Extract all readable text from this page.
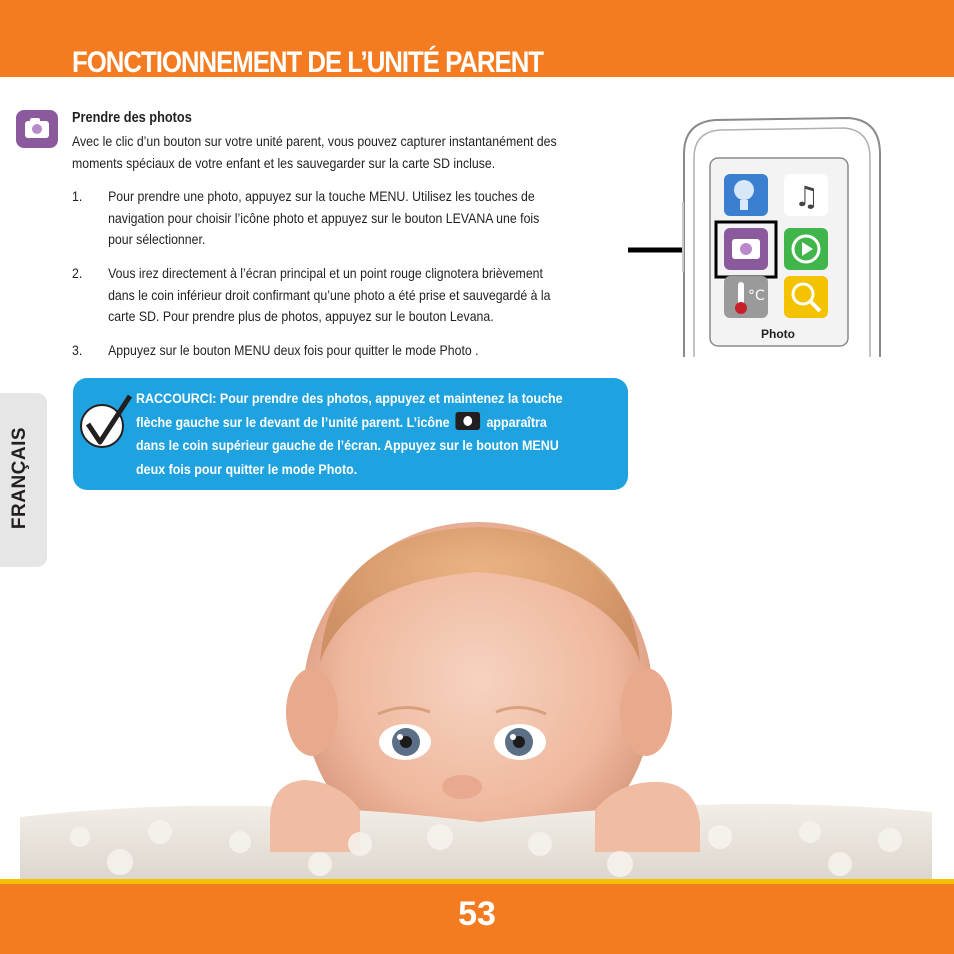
FONCTIONNEMENT DE L’UNITÉ PARENT
FRANÇAIS
Prendre des photos
Avec le clic d’un bouton sur votre unité parent, vous pouvez capturer instantanément des
moments spéciaux de votre enfant et les sauvegarder sur la carte SD incluse.
1. Pour prendre une photo, appuyez sur la touche MENU. Utilisez les touches de
navigation pour choisir l’icône photo et appuyez sur le bouton LEVANA une fois
pour sélectionner.
2. Vous irez directement à l’écran principal et un point rouge clignotera brièvement
dans le coin inférieur droit confirmant qu’une photo a été prise et sauvegardé à la
carte SD. Pour prendre plus de photos, appuyez sur le bouton Levana.
3. Appuyez sur le bouton MENU deux fois pour quitter le mode Photo .
RACCOURCI: Pour prendre des photos, appuyez et maintenez la touche
flèche gauche sur le devant de l’unité parent. L’icône	apparaîtra
dans le coin supérieur gauche de l’écran. Appuyez sur le bouton MENU
deux fois pour quitter le mode Photo.
♫
°C
Photo
53
